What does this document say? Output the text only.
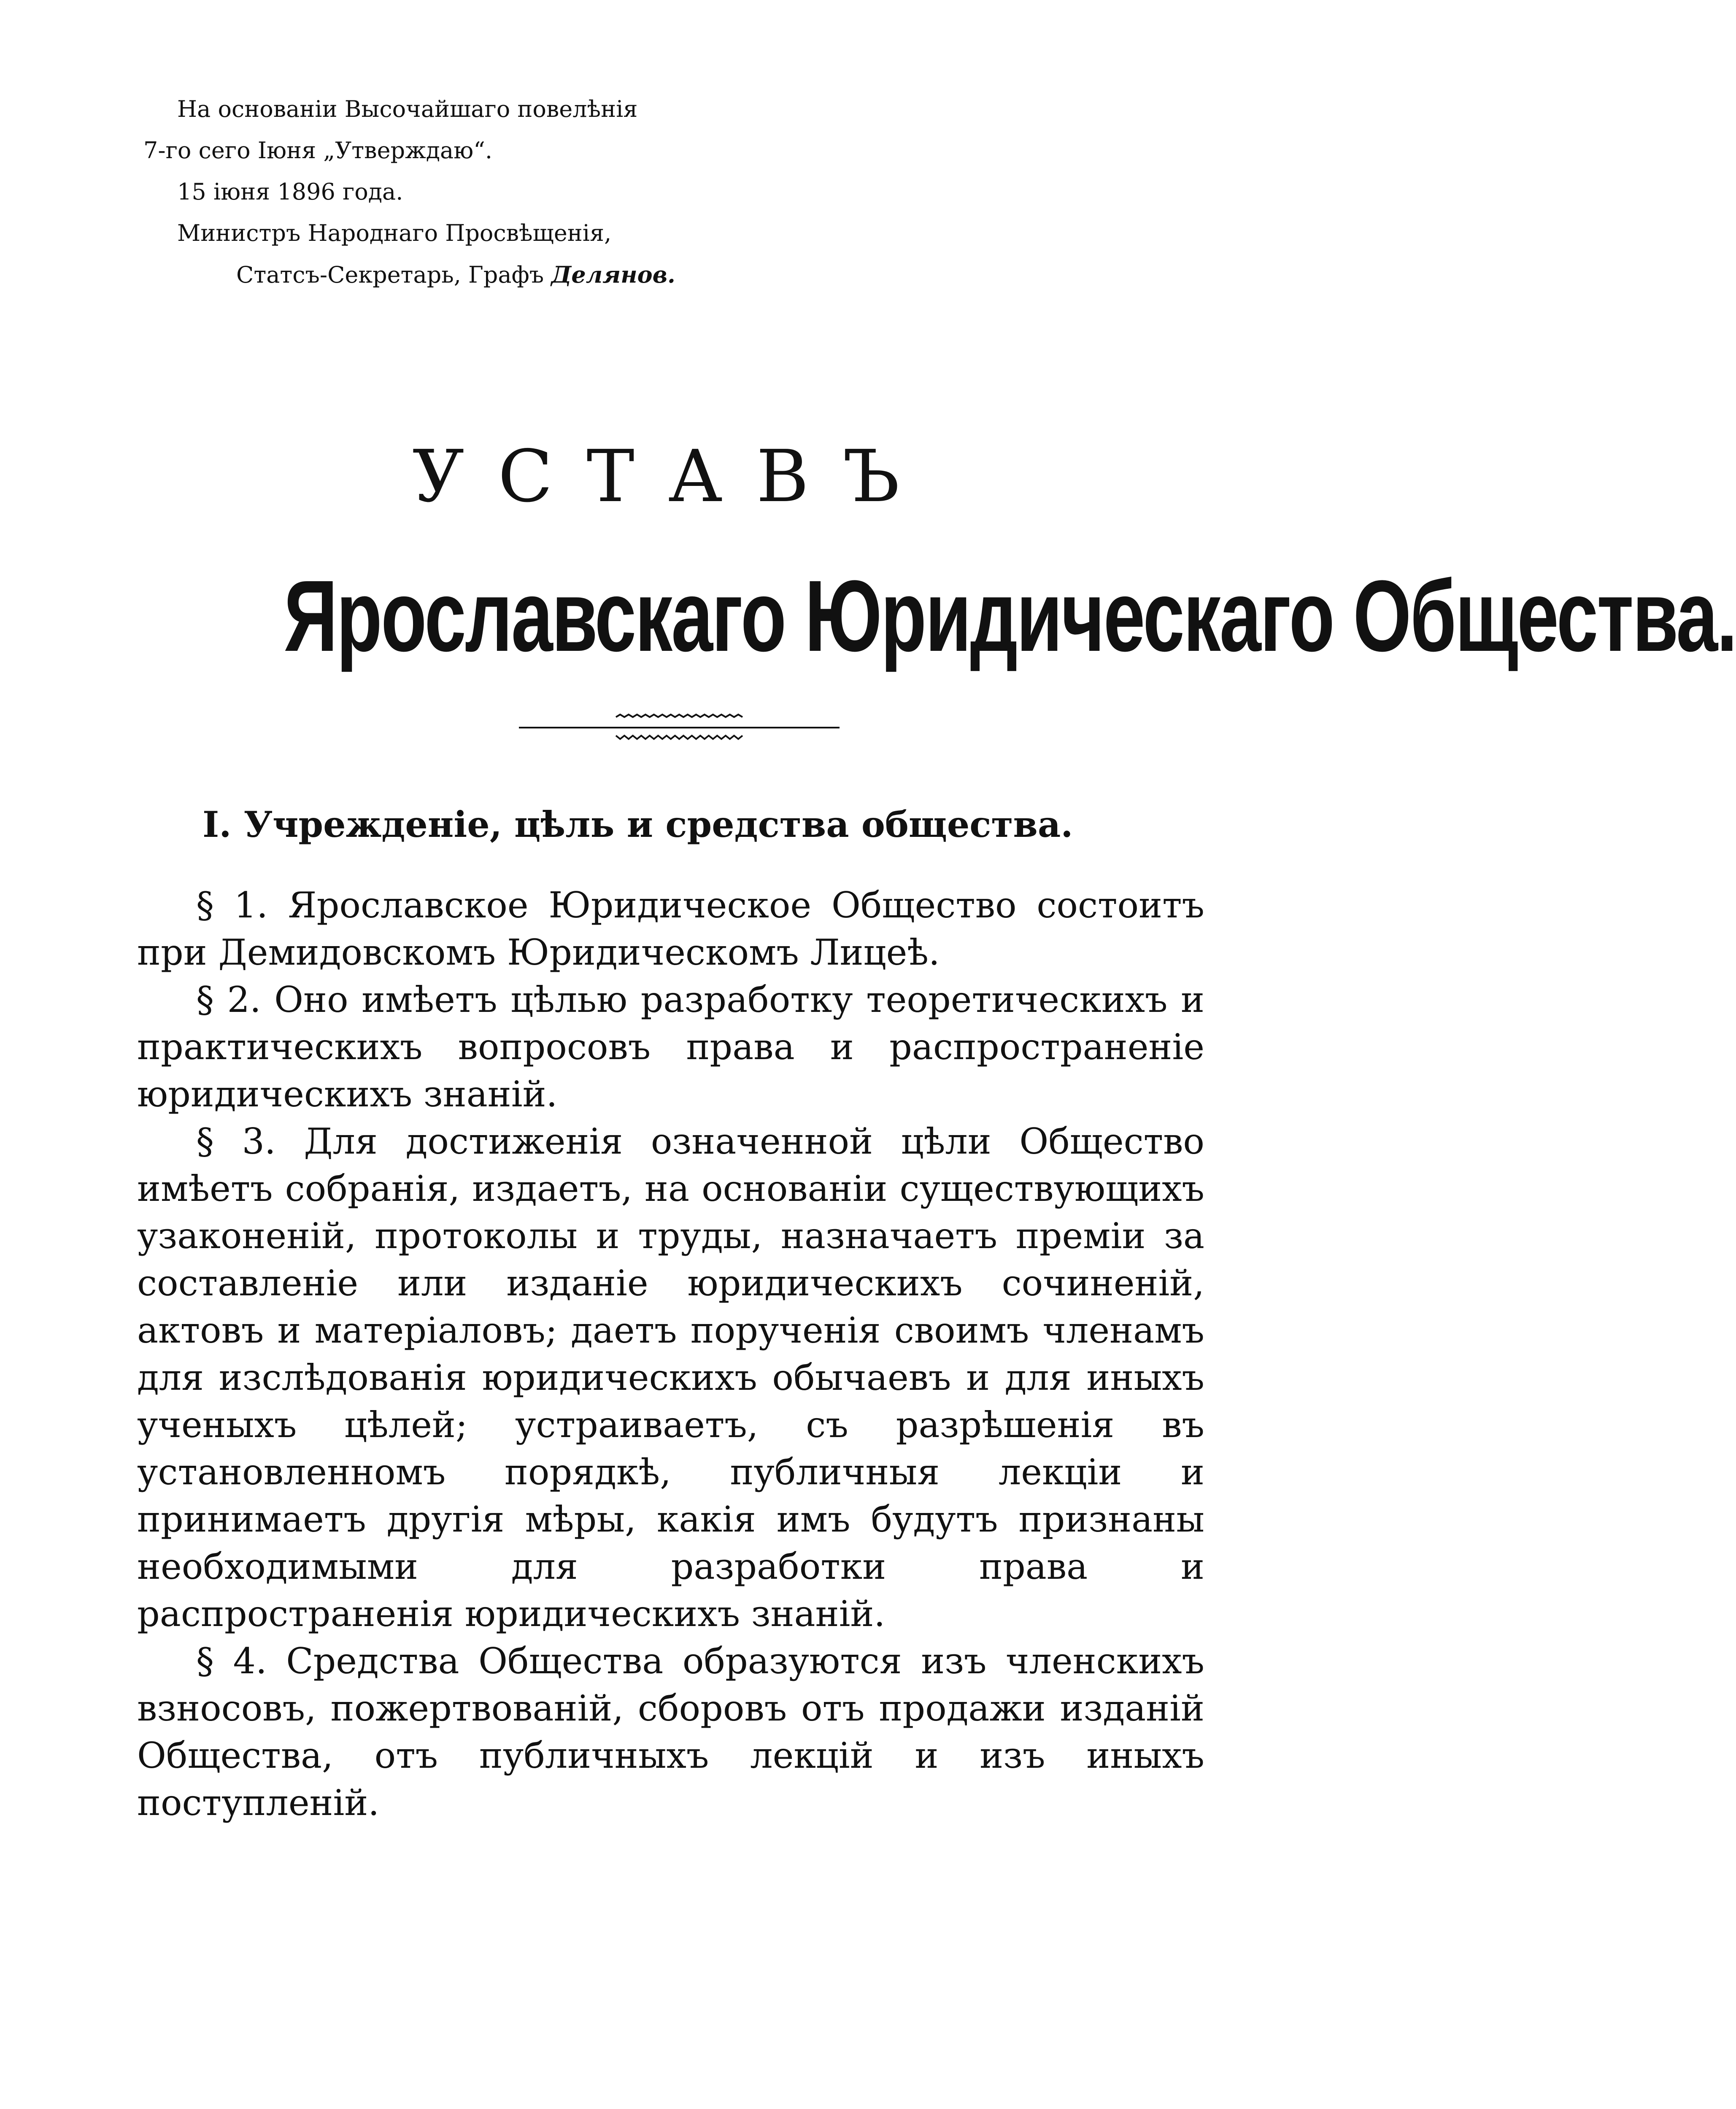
На основаніи Высочайшаго повелѣнія
7-го сего Іюня „Утверждаю“.
15 іюня 1896 года.
Министръ Народнаго Просвѣщенія,
Статсъ-Секретарь, Графъ Делянов.
УСТАВЪ
Ярославскаго Юридическаго Общества.
I. Учрежденіе, цѣль и средства общества.

§ 1. Ярославское Юридическое Общество состоитъ при Демидовскомъ Юридическомъ Лицеѣ.

§ 2. Оно имѣетъ цѣлью разработку теоретическихъ и практическихъ вопросовъ права и распространеніе юридическихъ знаній.

§ 3. Для достиженія означенной цѣли Общество имѣетъ собранія, издаетъ, на основаніи существующихъ узаконеній, протоколы и труды, назначаетъ преміи за составленіе или изданіе юридическихъ сочиненій, актовъ и матеріаловъ; даетъ порученія своимъ членамъ для изслѣдованія юридическихъ обычаевъ и для иныхъ ученыхъ цѣлей; устраиваетъ, съ разрѣшенія въ установленномъ порядкѣ, публичныя лекціи и принимаетъ другія мѣры, какія имъ будутъ признаны необходимыми для разработки права и распространенія юридическихъ знаній.

§ 4. Средства Общества образуются изъ членскихъ взносовъ, пожертвованій, сборовъ отъ продажи изданій Общества, отъ публичныхъ лекцій и изъ иныхъ поступленій.
